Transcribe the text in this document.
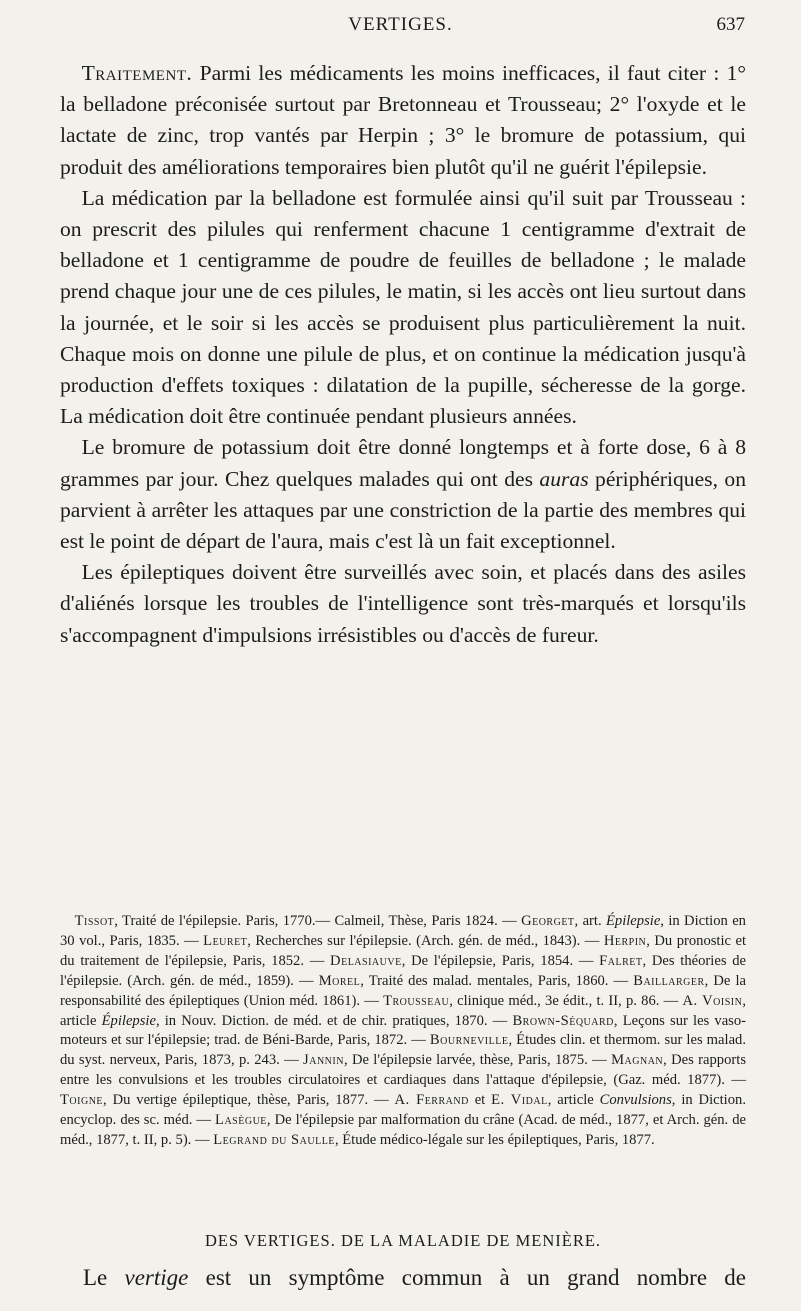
VERTIGES.	637

 Traitement. Parmi les médicaments les moins inefficaces, il faut citer : 1° la belladone préconisée surtout par Bretonneau et Trousseau; 2° l'oxyde et le lactate de zinc, trop vantés par Herpin ; 3° le bromure de potassium, qui produit des améliorations temporaires bien plutôt qu'il ne guérit l'épilepsie.

 La médication par la belladone est formulée ainsi qu'il suit par Trousseau : on prescrit des pilules qui renferment chacune 1 centigramme d'extrait de belladone et 1 centigramme de poudre de feuilles de belladone ; le malade prend chaque jour une de ces pilules, le matin, si les accès ont lieu surtout dans la journée, et le soir si les accès se produisent plus particulièrement la nuit. Chaque mois on donne une pilule de plus, et on continue la médication jusqu'à production d'effets toxiques : dilatation de la pupille, sécheresse de la gorge. La médication doit être continuée pendant plusieurs années.

 Le bromure de potassium doit être donné longtemps et à forte dose, 6 à 8 grammes par jour. Chez quelques malades qui ont des auras périphériques, on parvient à arrêter les attaques par une constriction de la partie des membres qui est le point de départ de l'aura, mais c'est là un fait exceptionnel.

 Les épileptiques doivent être surveillés avec soin, et placés dans des asiles d'aliénés lorsque les troubles de l'intelligence sont très-marqués et lorsqu'ils s'accompagnent d'impulsions irrésistibles ou d'accès de fureur.

 Tissot, Traité de l'épilepsie. Paris, 1770.— Calmeil, Thèse, Paris 1824. — Georget, art. Épilepsie, in Diction en 30 vol., Paris, 1835. — Leuret, Recherches sur l'épilepsie. (Arch. gén. de méd., 1843). — Herpin, Du pronostic et du traitement de l'épilepsie, Paris, 1852. — Delasiauve, De l'épilepsie, Paris, 1854. — Falret, Des théories de l'épilepsie. (Arch. gén. de méd., 1859). — Morel, Traité des malad. mentales, Paris, 1860. — Baillarger, De la responsabilité des épileptiques (Union méd. 1861). — Trousseau, clinique méd., 3e édit., t. II, p. 86. — A. Voisin, article Épilepsie, in Nouv. Diction. de méd. et de chir. pratiques, 1870. — Brown-Séquard, Leçons sur les vaso-moteurs et sur l'épilepsie; trad. de Béni-Barde, Paris, 1872. — Bourneville, Études clin. et thermom. sur les malad. du syst. nerveux, Paris, 1873, p. 243. — Jannin, De l'épilepsie larvée, thèse, Paris, 1875. — Magnan, Des rapports entre les convulsions et les troubles circulatoires et cardiaques dans l'attaque d'épilepsie, (Gaz. méd. 1877). — Toigne, Du vertige épileptique, thèse, Paris, 1877. — A. Ferrand et E. Vidal, article Convulsions, in Diction. encyclop. des sc. méd. — Lasègue, De l'épilepsie par malformation du crâne (Acad. de méd., 1877, et Arch. gén. de méd., 1877, t. II, p. 5). — Legrand du Saulle, Étude médico-légale sur les épileptiques, Paris, 1877.
DES VERTIGES. DE LA MALADIE DE MENIÈRE.
 Le vertige est un symptôme commun à un grand nombre de
